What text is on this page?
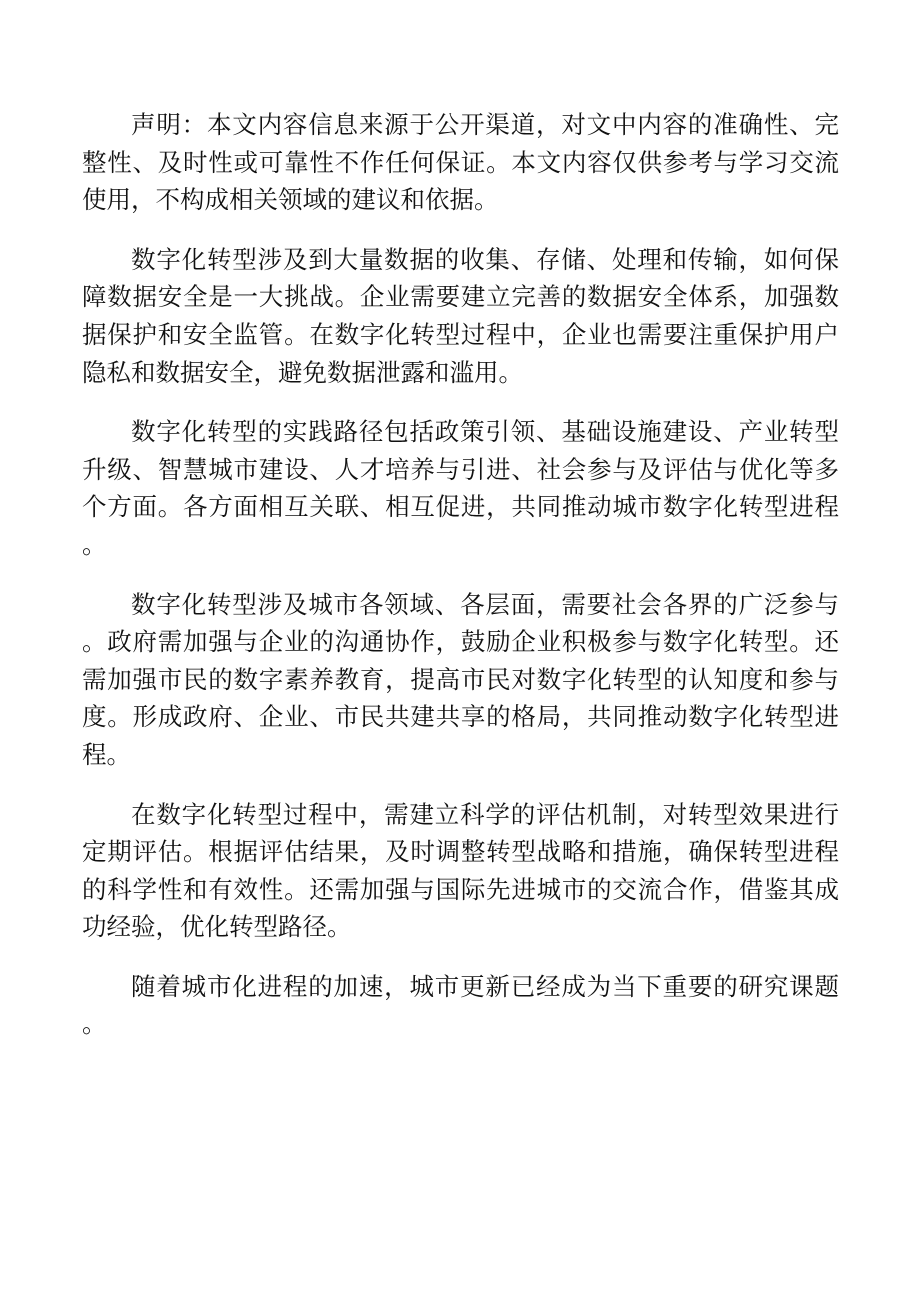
声明：本文内容信息来源于公开渠道，对文中内容的准确性、完整性、及时性或可靠性不作任何保证。本文内容仅供参考与学习交流使用，不构成相关领域的建议和依据。

数字化转型涉及到大量数据的收集、存储、处理和传输，如何保障数据安全是一大挑战。企业需要建立完善的数据安全体系，加强数据保护和安全监管。在数字化转型过程中，企业也需要注重保护用户隐私和数据安全，避免数据泄露和滥用。

数字化转型的实践路径包括政策引领、基础设施建设、产业转型升级、智慧城市建设、人才培养与引进、社会参与及评估与优化等多个方面。各方面相互关联、相互促进，共同推动城市数字化转型进程。

数字化转型涉及城市各领域、各层面，需要社会各界的广泛参与。政府需加强与企业的沟通协作，鼓励企业积极参与数字化转型。还需加强市民的数字素养教育，提高市民对数字化转型的认知度和参与度。形成政府、企业、市民共建共享的格局，共同推动数字化转型进程。

在数字化转型过程中，需建立科学的评估机制，对转型效果进行定期评估。根据评估结果，及时调整转型战略和措施，确保转型进程的科学性和有效性。还需加强与国际先进城市的交流合作，借鉴其成功经验，优化转型路径。

随着城市化进程的加速，城市更新已经成为当下重要的研究课题。
